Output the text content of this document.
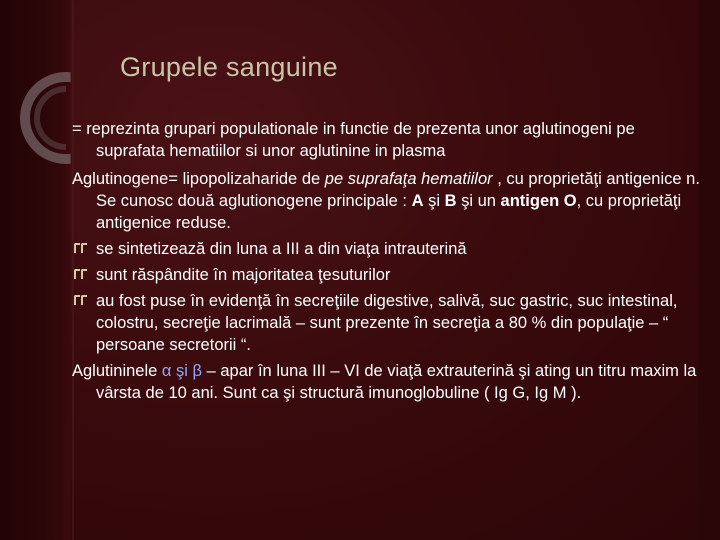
Grupele sanguine

= reprezinta grupari populationale in functie de prezenta unor aglutinogeni pe suprafata hematiilor si unor aglutinine in plasma

Aglutinogene= lipopolizaharide de pe suprafaţa hematiilor , cu proprietăţi antigenice n. Se cunosc două aglutionogene principale : A şi B şi un antigen O, cu proprietăţi antigenice reduse.

se sintetizează din luna a III a din viaţa intrauterină
sunt răspândite în majoritatea ţesuturilor
au fost puse în evidenţă în secreţiile digestive, salivă, suc gastric, suc intestinal, colostru, secreţie lacrimală – sunt prezente în secreţia a 80 % din populaţie – “ persoane secretorii “.

Aglutininele α şi β – apar în luna III – VI de viaţă extrauterină şi ating un titru maxim la vârsta de 10 ani. Sunt ca şi structură imunoglobuline ( Ig G, Ig M ).
